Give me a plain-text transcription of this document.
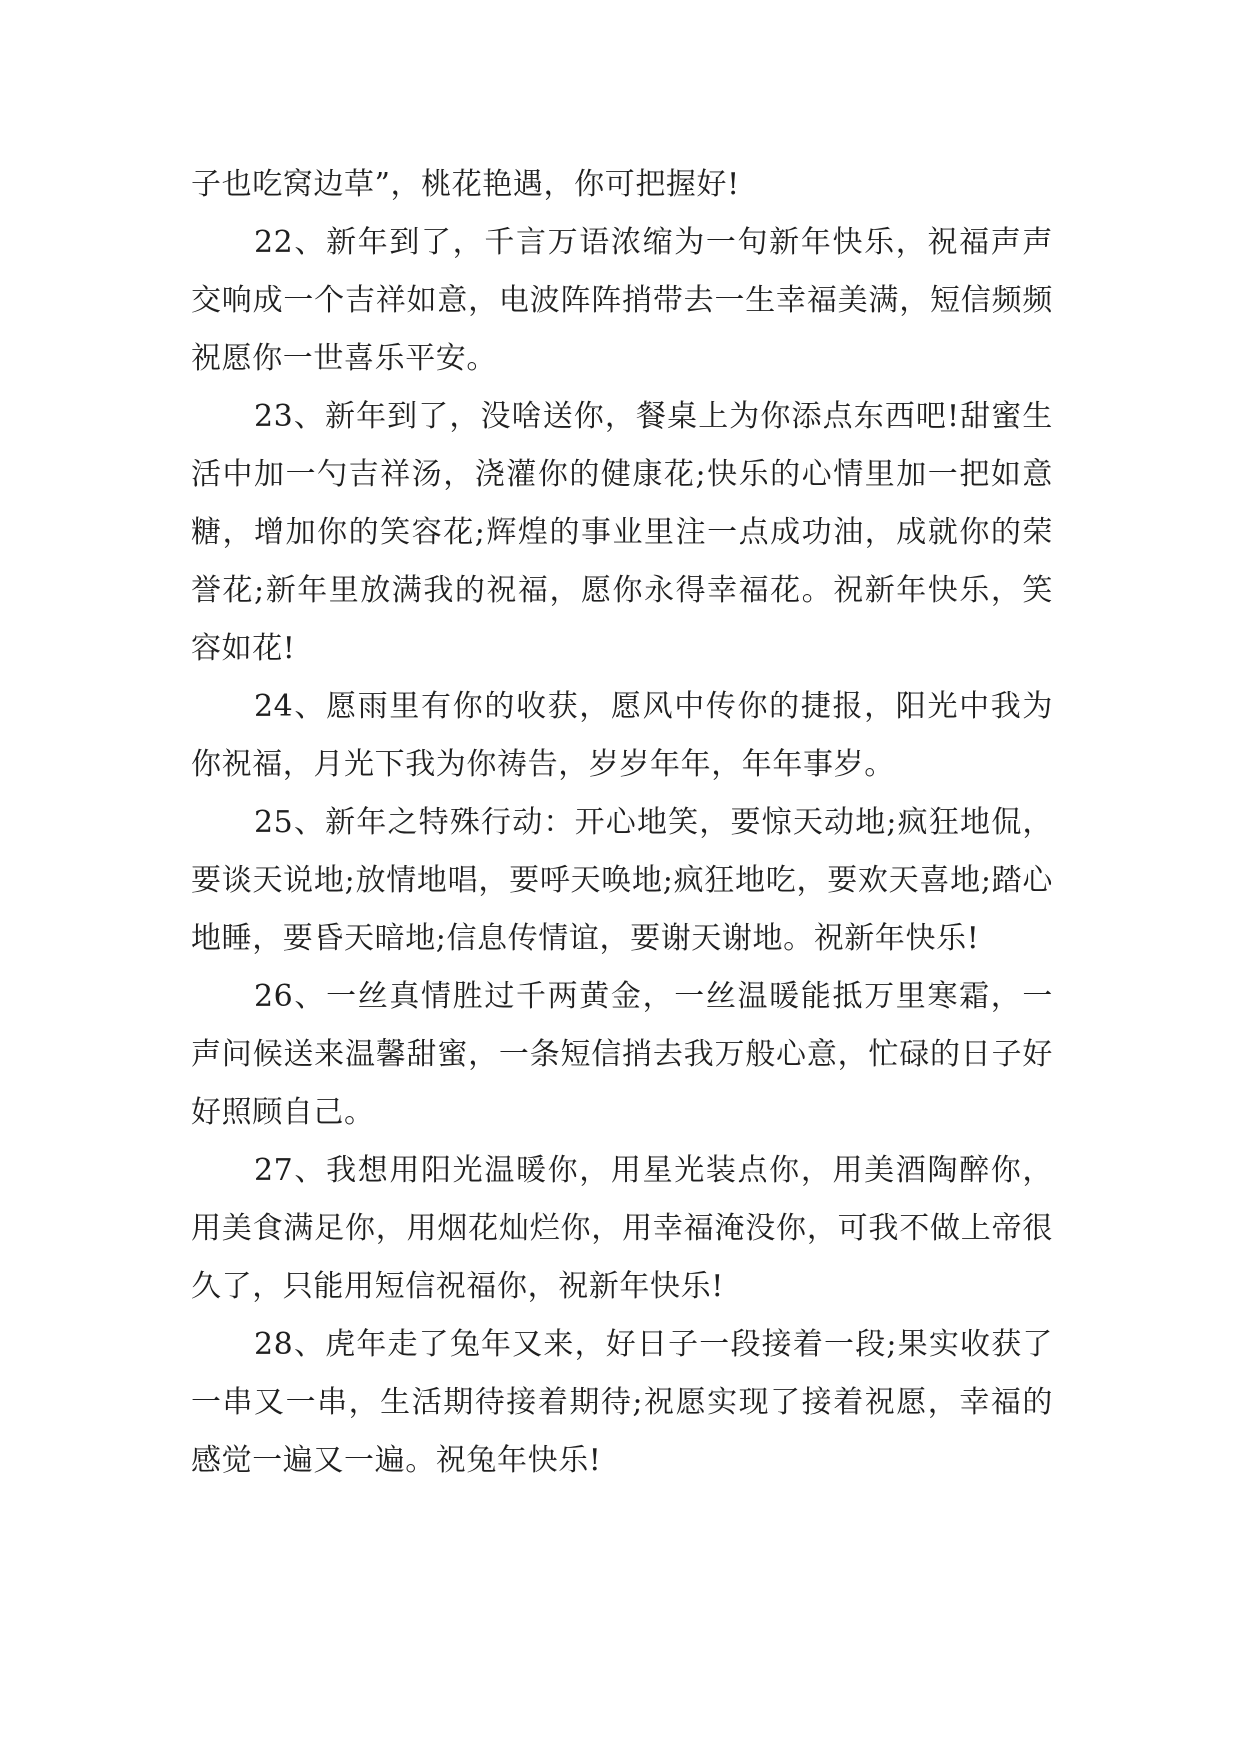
子也吃窝边草”，桃花艳遇，你可把握好!

22、新年到了，千言万语浓缩为一句新年快乐，祝福声声交响成一个吉祥如意，电波阵阵捎带去一生幸福美满，短信频频祝愿你一世喜乐平安。

23、新年到了，没啥送你，餐桌上为你添点东西吧!甜蜜生活中加一勺吉祥汤，浇灌你的健康花;快乐的心情里加一把如意糖，增加你的笑容花;辉煌的事业里注一点成功油，成就你的荣誉花;新年里放满我的祝福，愿你永得幸福花。祝新年快乐，笑容如花!

24、愿雨里有你的收获，愿风中传你的捷报，阳光中我为你祝福，月光下我为你祷告，岁岁年年，年年事岁。

25、新年之特殊行动：开心地笑，要惊天动地;疯狂地侃，要谈天说地;放情地唱，要呼天唤地;疯狂地吃，要欢天喜地;踏心地睡，要昏天暗地;信息传情谊，要谢天谢地。祝新年快乐!

26、一丝真情胜过千两黄金，一丝温暖能抵万里寒霜，一声问候送来温馨甜蜜，一条短信捎去我万般心意，忙碌的日子好好照顾自己。

27、我想用阳光温暖你，用星光装点你，用美酒陶醉你，用美食满足你，用烟花灿烂你，用幸福淹没你，可我不做上帝很久了，只能用短信祝福你，祝新年快乐!

28、虎年走了兔年又来，好日子一段接着一段;果实收获了一串又一串，生活期待接着期待;祝愿实现了接着祝愿，幸福的感觉一遍又一遍。祝兔年快乐!
